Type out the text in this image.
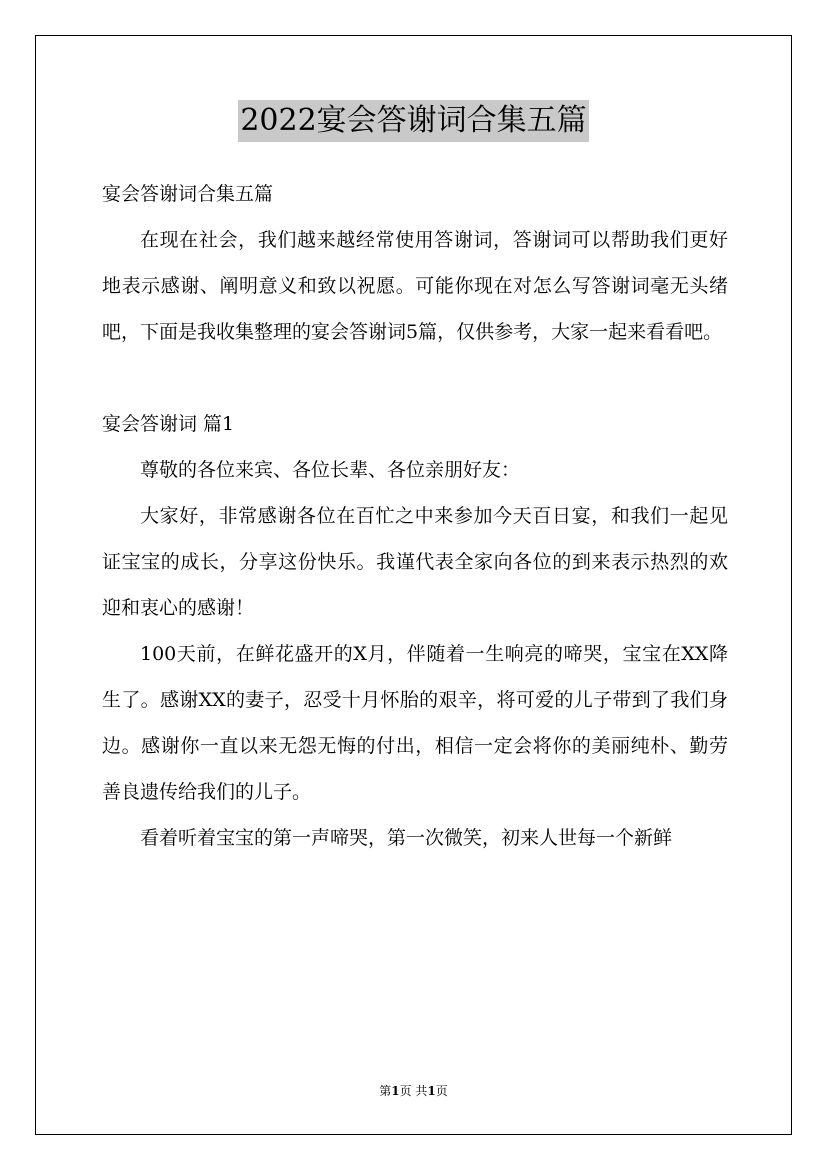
2022宴会答谢词合集五篇

宴会答谢词合集五篇

在现在社会，我们越来越经常使用答谢词，答谢词可以帮助我们更好地表示感谢、阐明意义和致以祝愿。可能你现在对怎么写答谢词毫无头绪吧，下面是我收集整理的宴会答谢词5篇，仅供参考，大家一起来看看吧。

宴会答谢词 篇1

尊敬的各位来宾、各位长辈、各位亲朋好友：

大家好，非常感谢各位在百忙之中来参加今天百日宴，和我们一起见证宝宝的成长，分享这份快乐。我谨代表全家向各位的到来表示热烈的欢迎和衷心的感谢！

100天前，在鲜花盛开的X月，伴随着一生响亮的啼哭，宝宝在XX降生了。感谢XX的妻子，忍受十月怀胎的艰辛，将可爱的儿子带到了我们身边。感谢你一直以来无怨无悔的付出，相信一定会将你的美丽纯朴、勤劳善良遗传给我们的儿子。

看着听着宝宝的第一声啼哭，第一次微笑，初来人世每一个新鲜

第1页 共1页
